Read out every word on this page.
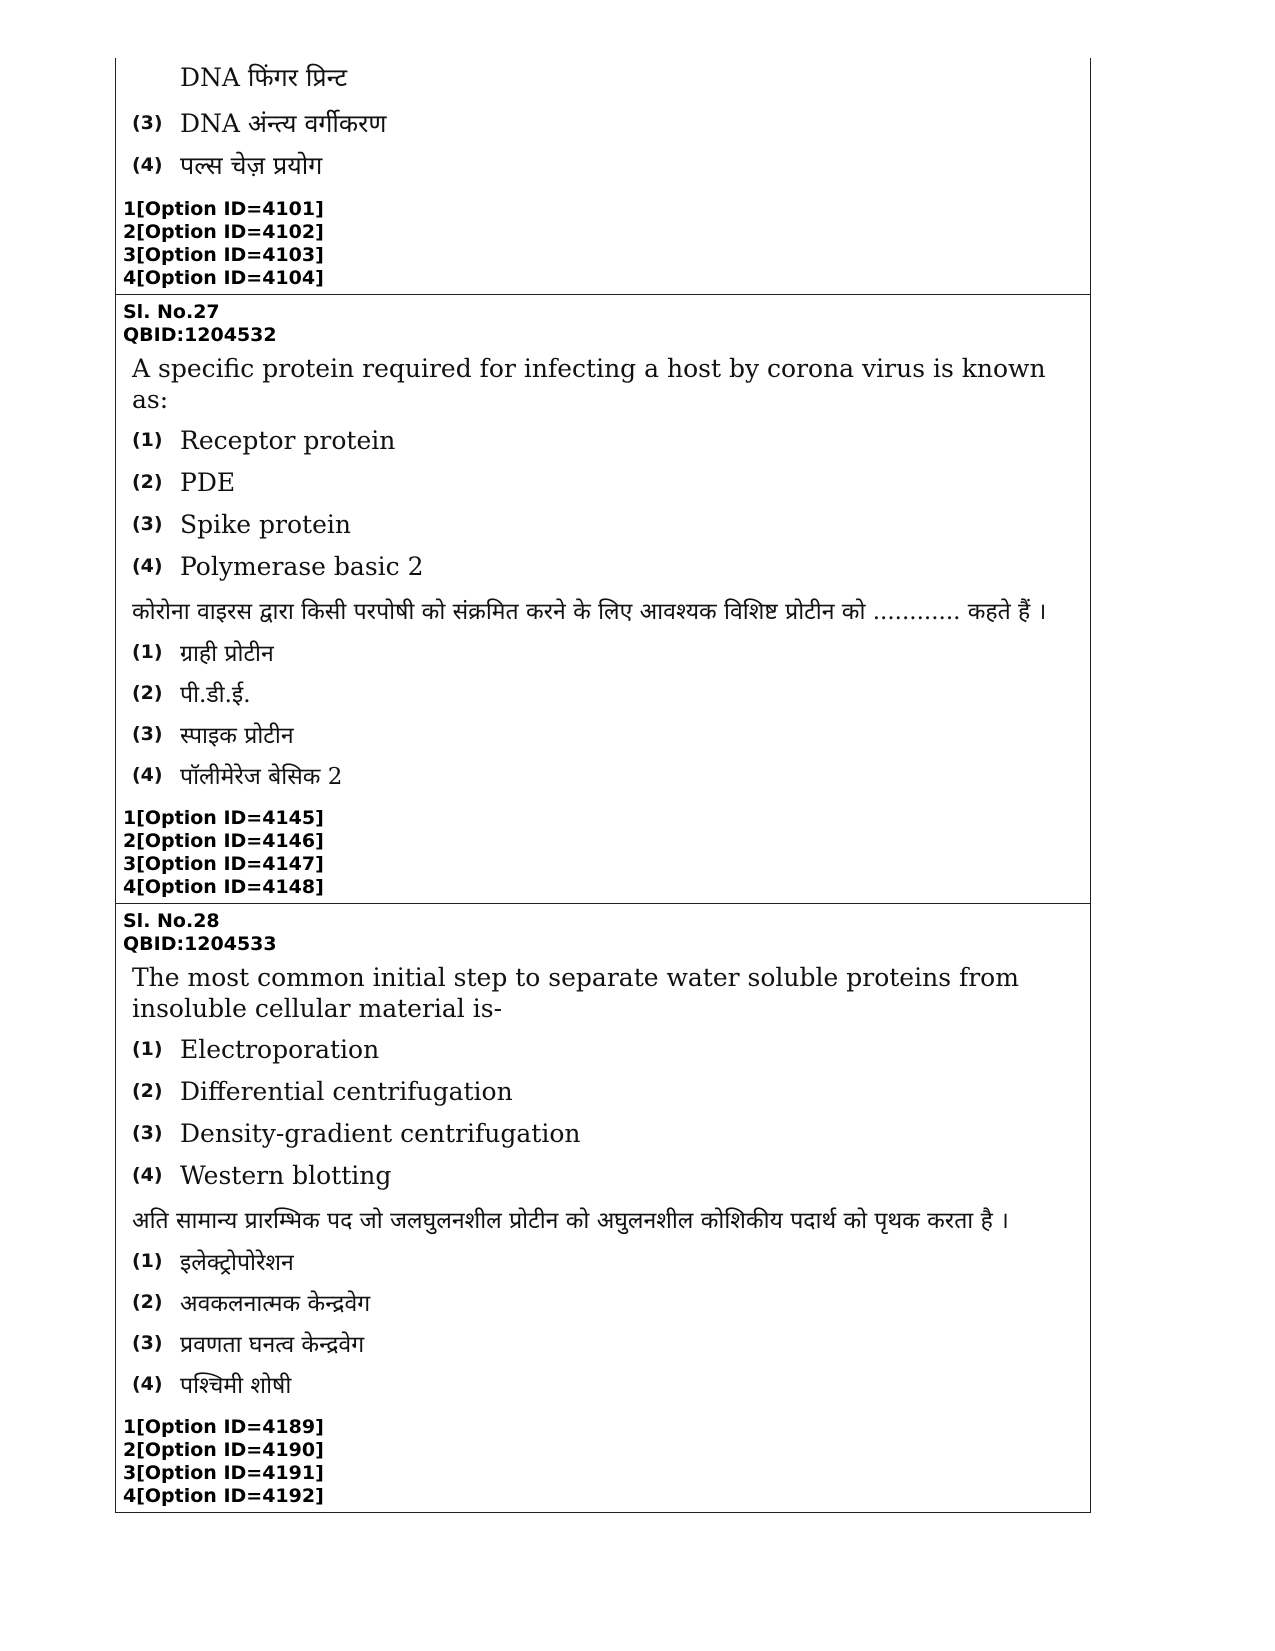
DNA फिंगर प्रिन्ट
(3) DNA अंन्त्य वर्गीकरण
(4) पल्स चेज़ प्रयोग
1[Option ID=4101]
2[Option ID=4102]
3[Option ID=4103]
4[Option ID=4104]
Sl. No.27
QBID:1204532
A specific protein required for infecting a host by corona virus is known as:
(1) Receptor protein
(2) PDE
(3) Spike protein
(4) Polymerase basic 2
कोरोना वाइरस द्वारा किसी परपोषी को संक्रमित करने के लिए आवश्यक विशिष्ट प्रोटीन को ............ कहते हैं ।
(1) ग्राही प्रोटीन
(2) पी.डी.ई.
(3) स्पाइक प्रोटीन
(4) पॉलीमेरेज बेसिक 2
1[Option ID=4145]
2[Option ID=4146]
3[Option ID=4147]
4[Option ID=4148]
Sl. No.28
QBID:1204533
The most common initial step to separate water soluble proteins from insoluble cellular material is-
(1) Electroporation
(2) Differential centrifugation
(3) Density-gradient centrifugation
(4) Western blotting
अति सामान्य प्रारम्भिक पद जो जलघुलनशील प्रोटीन को अघुलनशील कोशिकीय पदार्थ को पृथक करता है ।
(1) इलेक्ट्रोपोरेशन
(2) अवकलनात्मक केन्द्रवेग
(3) प्रवणता घनत्व केन्द्रवेग
(4) पश्चिमी शोषी
1[Option ID=4189]
2[Option ID=4190]
3[Option ID=4191]
4[Option ID=4192]
